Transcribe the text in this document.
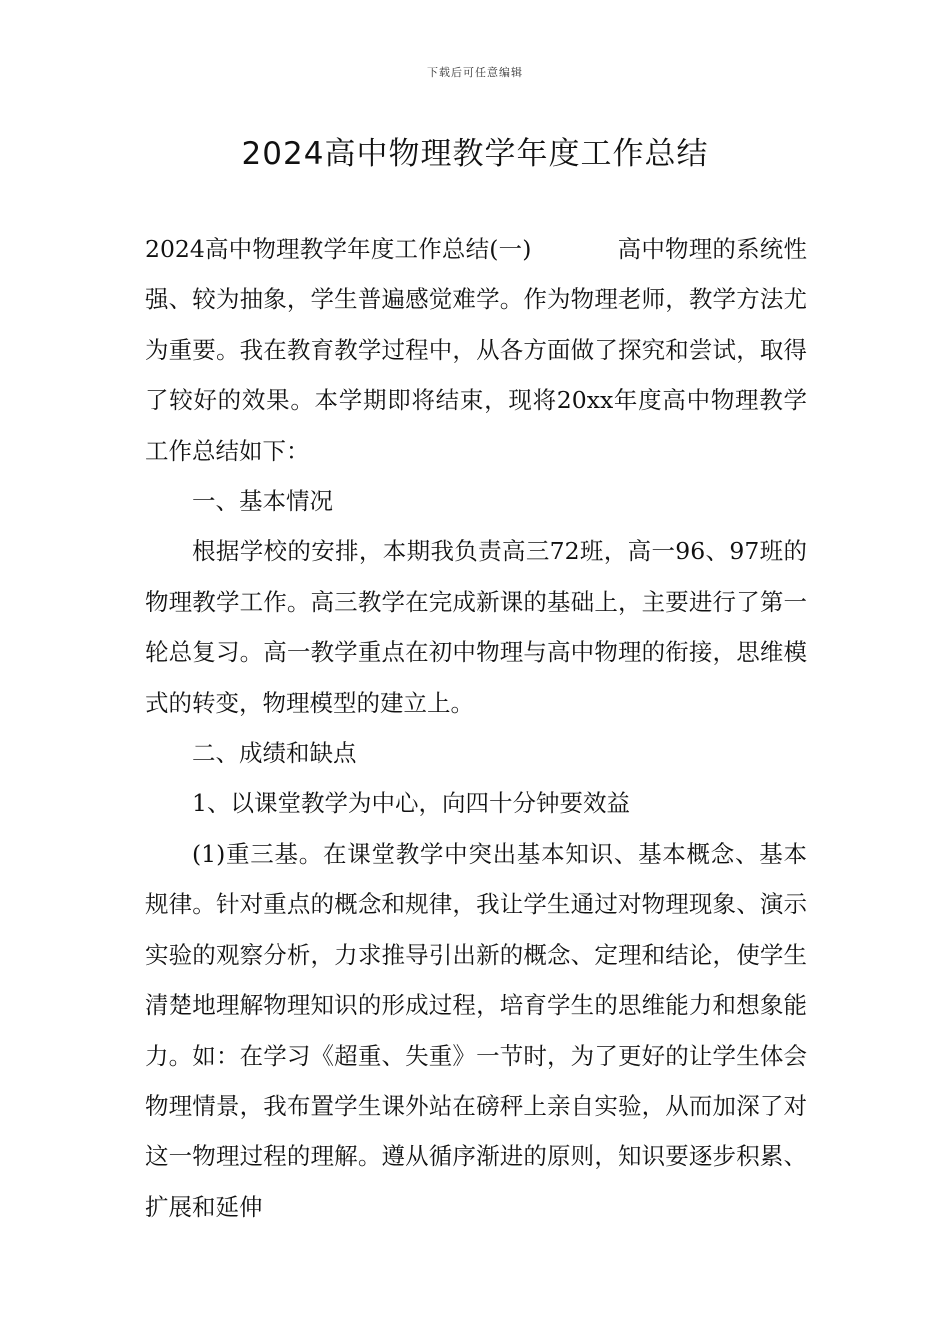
下载后可任意编辑
2024高中物理教学年度工作总结

2024高中物理教学年度工作总结(一)	高中物理的系统性强、较为抽象，学生普遍感觉难学。作为物理老师，教学方法尤为重要。我在教育教学过程中，从各方面做了探究和尝试，取得了较好的效果。本学期即将结束，现将20xx年度高中物理教学工作总结如下：

一、基本情况

根据学校的安排，本期我负责高三72班，高一96、97班的物理教学工作。高三教学在完成新课的基础上，主要进行了第一轮总复习。高一教学重点在初中物理与高中物理的衔接，思维模式的转变，物理模型的建立上。

二、成绩和缺点

1、以课堂教学为中心，向四十分钟要效益

(1)重三基。在课堂教学中突出基本知识、基本概念、基本规律。针对重点的概念和规律，我让学生通过对物理现象、演示实验的观察分析，力求推导引出新的概念、定理和结论，使学生清楚地理解物理知识的形成过程，培育学生的思维能力和想象能力。如：在学习《超重、失重》一节时，为了更好的让学生体会物理情景，我布置学生课外站在磅秤上亲自实验，从而加深了对这一物理过程的理解。遵从循序渐进的原则，知识要逐步积累、扩展和延伸
